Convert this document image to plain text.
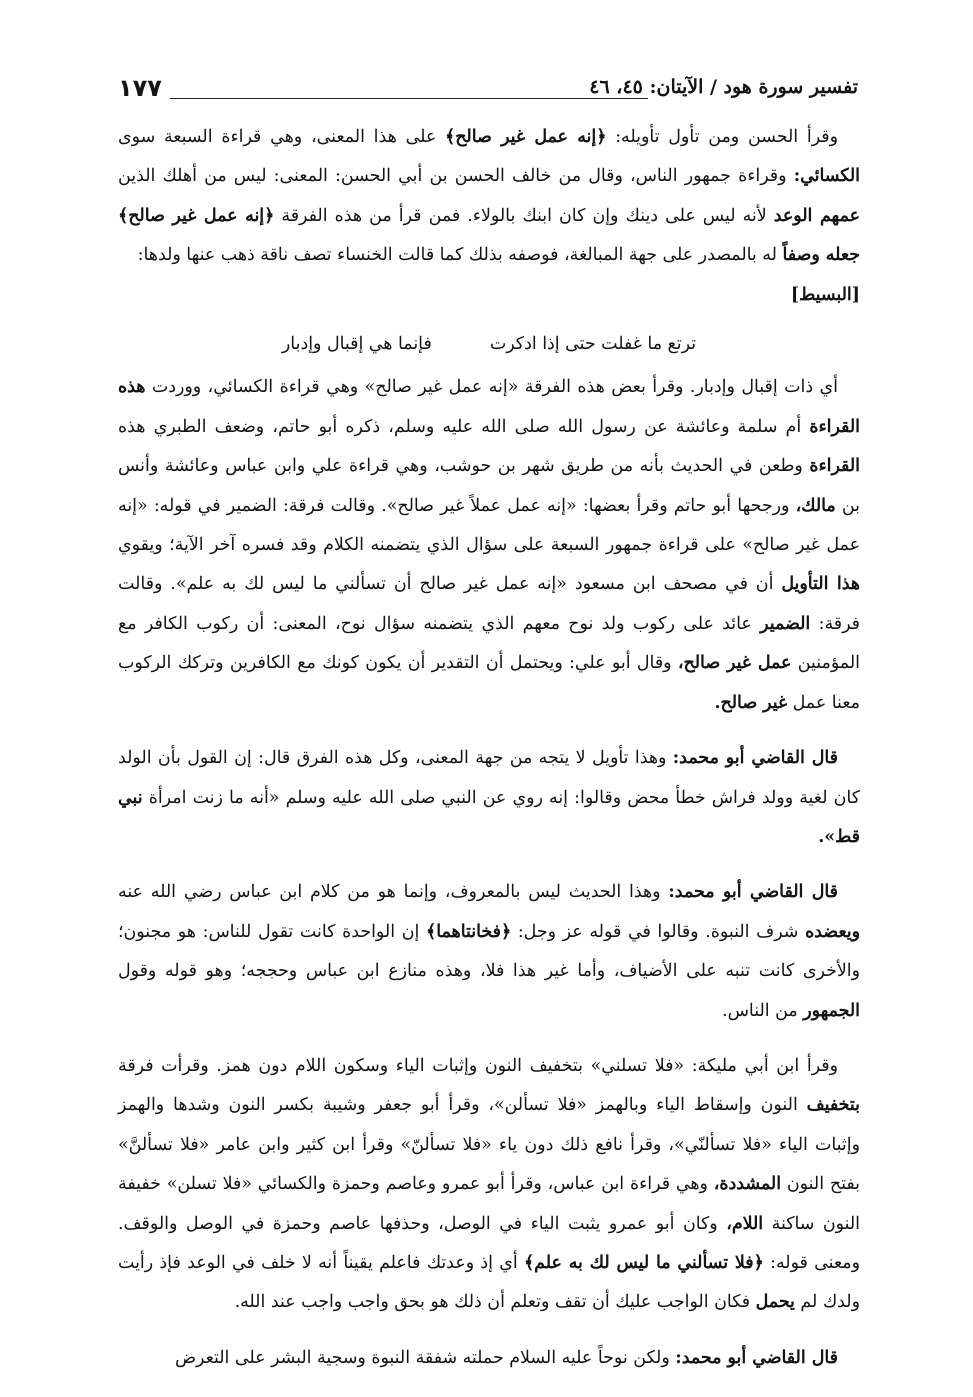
١٧٧	تفسير سورة هود / الآيتان: ٤٥، ٤٦

وقرأ الحسن ومن تأول تأويله: ﴿إنه عمل غير صالح﴾ على هذا المعنى، وهي قراءة السبعة سوى الكسائي: وقراءة جمهور الناس، وقال من خالف الحسن بن أبي الحسن: المعنى: ليس من أهلك الذين عمهم الوعد لأنه ليس على دينك وإن كان ابنك بالولاء. فمن قرأ من هذه الفرقة ﴿إنه عمل غير صالح﴾ جعله وصفاً له بالمصدر على جهة المبالغة، فوصفه بذلك كما قالت الخنساء تصف ناقة ذهب عنها ولدها:

[البسيط]

ترتع ما غفلت حتى إذا ادكرت فإنما هي إقبال وإدبار

أي ذات إقبال وإدبار. وقرأ بعض هذه الفرقة «إنه عمل غير صالح» وهي قراءة الكسائي، ووردت هذه القراءة أم سلمة وعائشة عن رسول الله صلى الله عليه وسلم، ذكره أبو حاتم، وضعف الطبري هذه القراءة وطعن في الحديث بأنه من طريق شهر بن حوشب، وهي قراءة علي وابن عباس وعائشة وأنس بن مالك، ورجحها أبو حاتم وقرأ بعضها: «إنه عمل عملاً غير صالح». وقالت فرقة: الضمير في قوله: «إنه عمل غير صالح» على قراءة جمهور السبعة على سؤال الذي يتضمنه الكلام وقد فسره آخر الآية؛ ويقوي هذا التأويل أن في مصحف ابن مسعود «إنه عمل غير صالح أن تسألني ما ليس لك به علم». وقالت فرقة: الضمير عائد على ركوب ولد نوح معهم الذي يتضمنه سؤال نوح، المعنى: أن ركوب الكافر مع المؤمنين عمل غير صالح، وقال أبو علي: ويحتمل أن التقدير أن يكون كونك مع الكافرين وتركك الركوب معنا عمل غير صالح.

قال القاضي أبو محمد: وهذا تأويل لا يتجه من جهة المعنى، وكل هذه الفرق قال: إن القول بأن الولد كان لغية وولد فراش خطأ محض وقالوا: إنه روي عن النبي صلى الله عليه وسلم «أنه ما زنت امرأة نبي قط».

قال القاضي أبو محمد: وهذا الحديث ليس بالمعروف، وإنما هو من كلام ابن عباس رضي الله عنه ويعضده شرف النبوة. وقالوا في قوله عز وجل: ﴿فخانتاهما﴾ إن الواحدة كانت تقول للناس: هو مجنون؛ والأخرى كانت تنبه على الأضياف، وأما غير هذا فلا، وهذه منازع ابن عباس وحججه؛ وهو قوله وقول الجمهور من الناس.

وقرأ ابن أبي مليكة: «فلا تسلني» بتخفيف النون وإثبات الياء وسكون اللام دون همز. وقرأت فرقة بتخفيف النون وإسقاط الياء وبالهمز «فلا تسألن»، وقرأ أبو جعفر وشيبة بكسر النون وشدها والهمز وإثبات الياء «فلا تسألنّي»، وقرأ نافع ذلك دون ياء «فلا تسألنّ» وقرأ ابن كثير وابن عامر «فلا تسألنَّ» بفتح النون المشددة، وهي قراءة ابن عباس، وقرأ أبو عمرو وعاصم وحمزة والكسائي «فلا تسلن» خفيفة النون ساكنة اللام، وكان أبو عمرو يثبت الياء في الوصل، وحذفها عاصم وحمزة في الوصل والوقف. ومعنى قوله: ﴿فلا تسألني ما ليس لك به علم﴾ أي إذ وعدتك فاعلم يقيناً أنه لا خلف في الوعد فإذ رأيت ولدك لم يحمل فكان الواجب عليك أن تقف وتعلم أن ذلك هو بحق واجب واجب عند الله.

قال القاضي أبو محمد: ولكن نوحاً عليه السلام حملته شفقة النبوة وسجية البشر على التعرض
